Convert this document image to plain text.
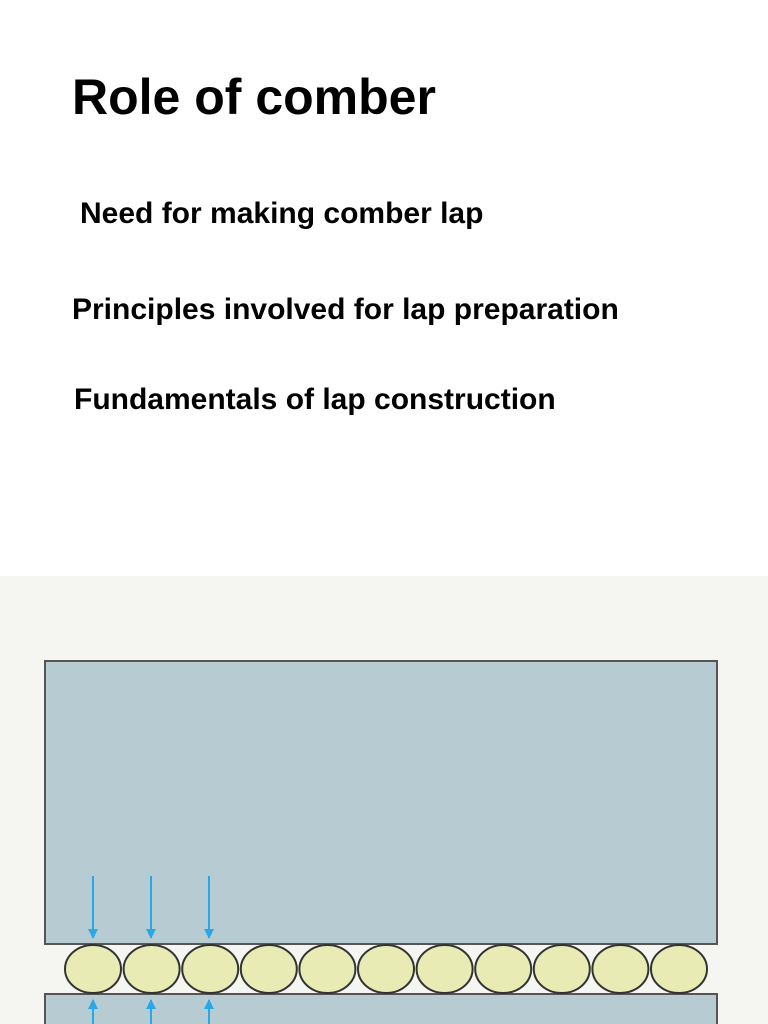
Role of comber

Need for making comber lap

Principles involved for lap preparation

Fundamentals of lap construction
